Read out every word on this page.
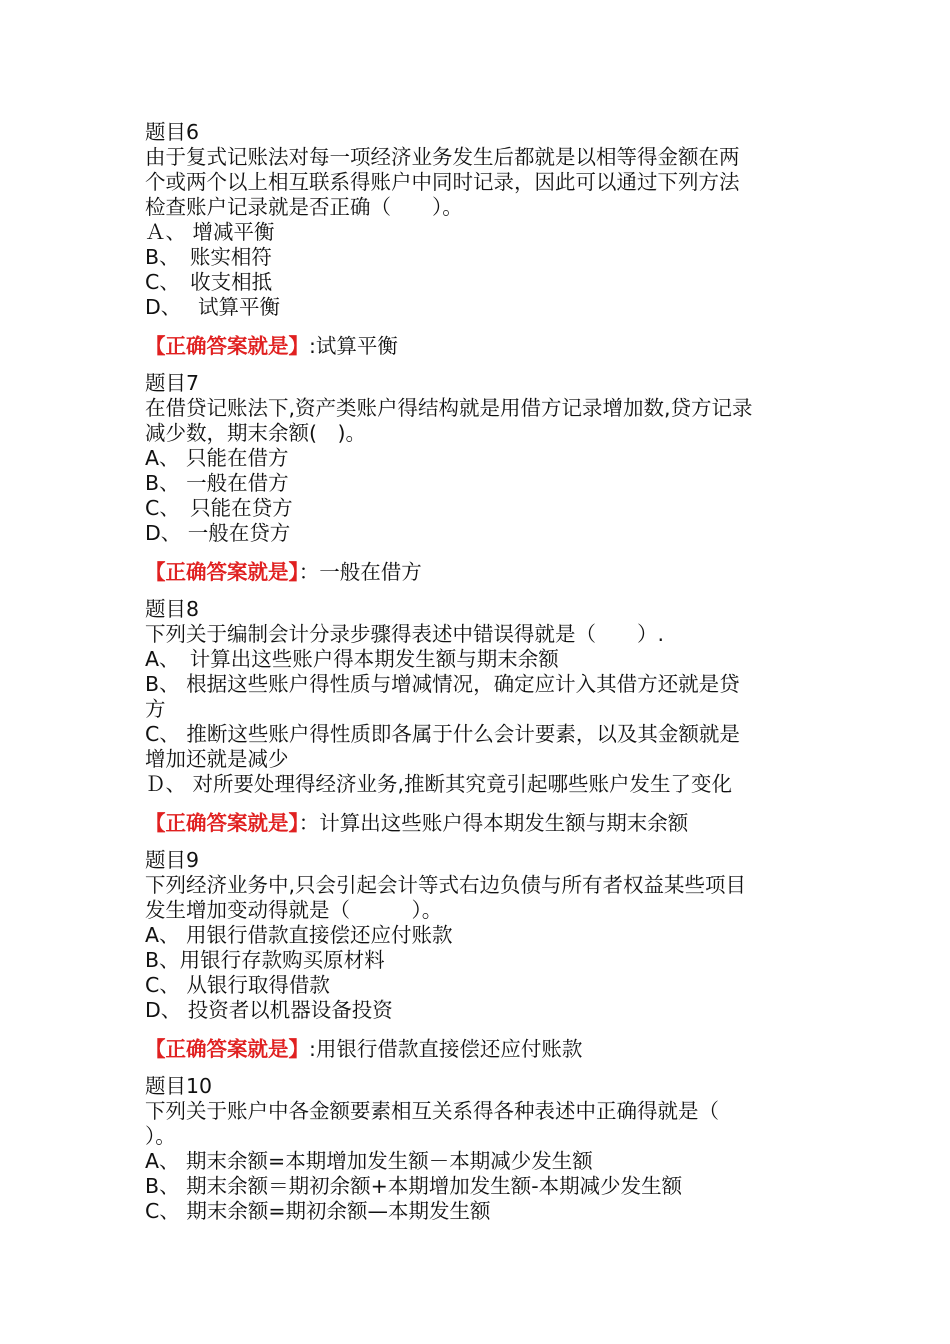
题目6

由于复式记账法对每一项经济业务发生后都就是以相等得金额在两

个或两个以上相互联系得账户中同时记录，因此可以通过下列方法

检查账户记录就是否正确（　　）。

Ａ、 增减平衡

B、　账实相符

C、　收支相抵

D、　 试算平衡

【正确答案就是】:试算平衡

题目7

在借贷记账法下,资产类账户得结构就是用借方记录增加数,贷方记录

减少数，期末余额(　)。

A、 只能在借方

B、 一般在借方

C、　只能在贷方

D、 一般在贷方

【正确答案就是】：一般在借方

题目8

下列关于编制会计分录步骤得表述中错误得就是（　　）.

A、　计算出这些账户得本期发生额与期末余额

B、 根据这些账户得性质与增减情况，确定应计入其借方还就是贷

方

C、 推断这些账户得性质即各属于什么会计要素，以及其金额就是

增加还就是减少

Ｄ、 对所要处理得经济业务,推断其究竟引起哪些账户发生了变化

【正确答案就是】：计算出这些账户得本期发生额与期末余额

题目9

下列经济业务中,只会引起会计等式右边负债与所有者权益某些项目

发生增加变动得就是（　　　）。

A、 用银行借款直接偿还应付账款

B、用银行存款购买原材料

C、 从银行取得借款

D、 投资者以机器设备投资

【正确答案就是】:用银行借款直接偿还应付账款

题目10

下列关于账户中各金额要素相互关系得各种表述中正确得就是（

）。

A、 期末余额=本期增加发生额－本期减少发生额

B、 期末余额＝期初余额+本期增加发生额-本期减少发生额

C、 期末余额=期初余额—本期发生额
